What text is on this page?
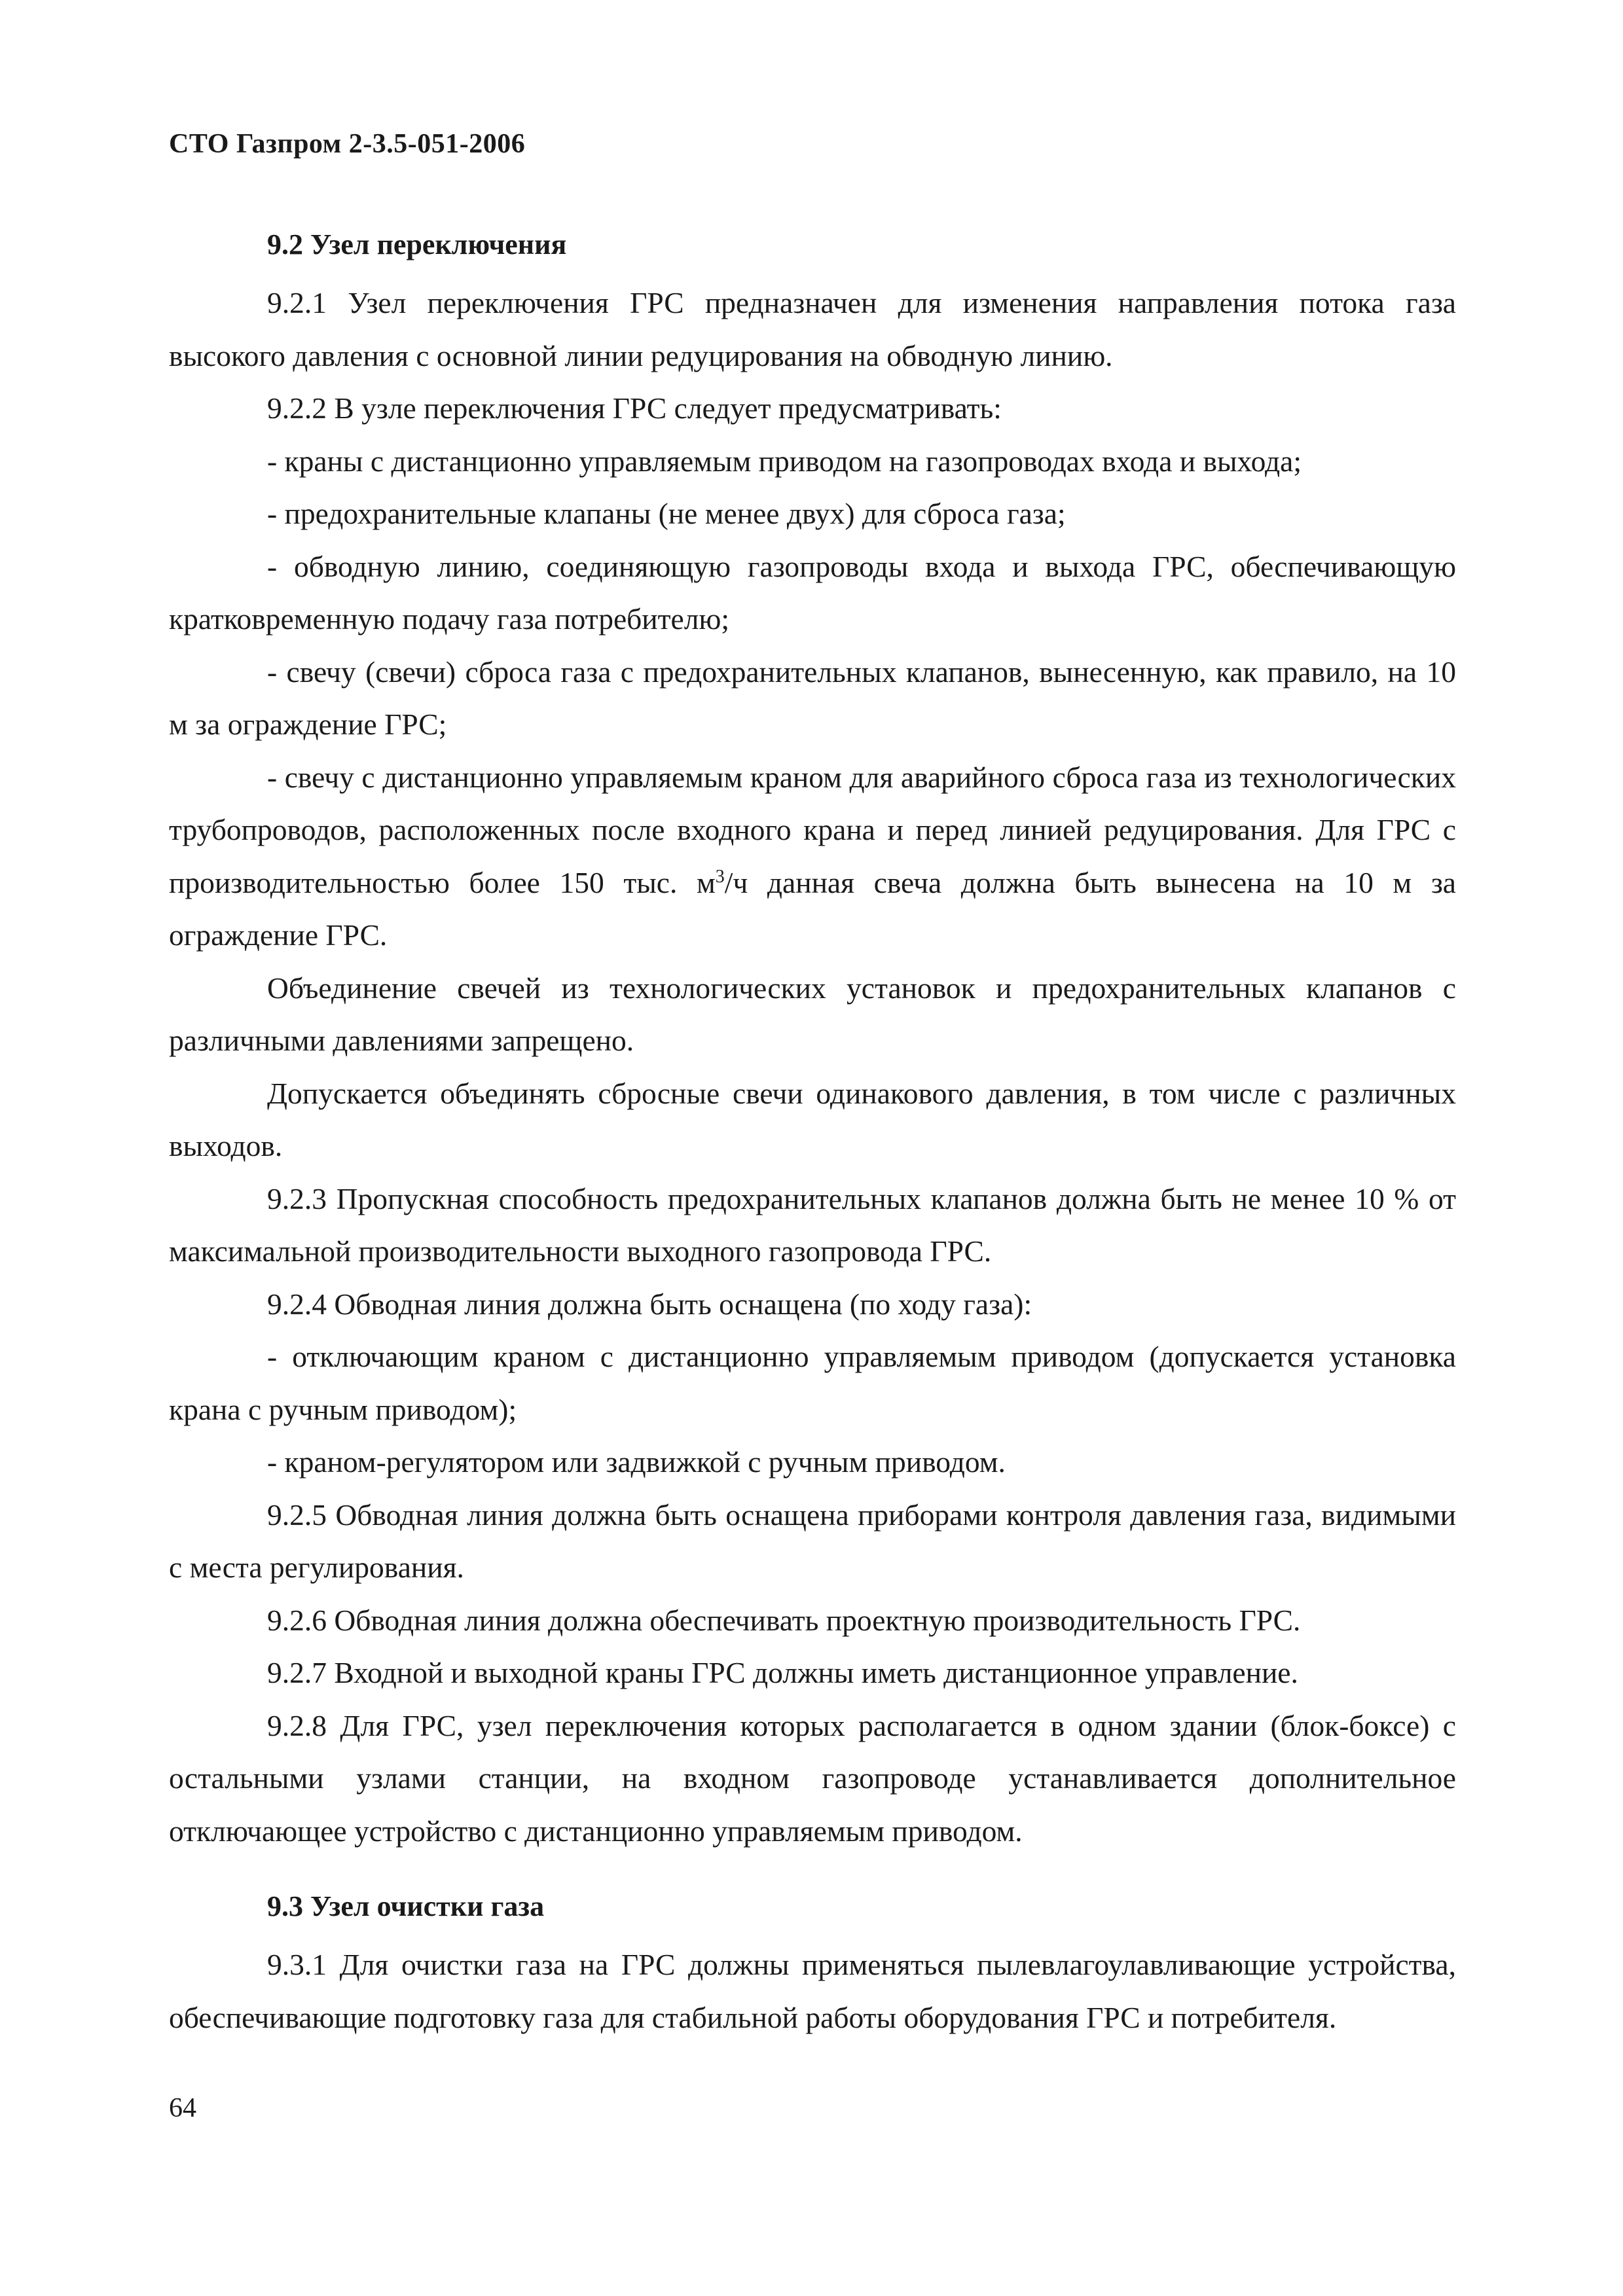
СТО Газпром 2-3.5-051-2006
9.2 Узел переключения

9.2.1 Узел переключения ГРС предназначен для изменения направления потока газа высокого давления с основной линии редуцирования на обводную линию.

9.2.2 В узле переключения ГРС следует предусматривать:

- краны с дистанционно управляемым приводом на газопроводах входа и выхода;

- предохранительные клапаны (не менее двух) для сброса газа;

- обводную линию, соединяющую газопроводы входа и выхода ГРС, обеспечивающую кратковременную подачу газа потребителю;

- свечу (свечи) сброса газа с предохранительных клапанов, вынесенную, как правило, на 10 м за ограждение ГРС;

- свечу с дистанционно управляемым краном для аварийного сброса газа из технологических трубопроводов, расположенных после входного крана и перед линией редуцирования. Для ГРС с производительностью более 150 тыс. $м^3/ч$ данная свеча должна быть вынесена на 10 м за ограждение ГРС.

Объединение свечей из технологических установок и предохранительных клапанов с различными давлениями запрещено.

Допускается объединять сбросные свечи одинакового давления, в том числе с различных выходов.

9.2.3 Пропускная способность предохранительных клапанов должна быть не менее 10 % от максимальной производительности выходного газопровода ГРС.

9.2.4 Обводная линия должна быть оснащена (по ходу газа):

- отключающим краном с дистанционно управляемым приводом (допускается установка крана с ручным приводом);

- краном-регулятором или задвижкой с ручным приводом.

9.2.5 Обводная линия должна быть оснащена приборами контроля давления газа, видимыми с места регулирования.

9.2.6 Обводная линия должна обеспечивать проектную производительность ГРС.

9.2.7 Входной и выходной краны ГРС должны иметь дистанционное управление.

9.2.8 Для ГРС, узел переключения которых располагается в одном здании (блок-боксе) с остальными узлами станции, на входном газопроводе устанавливается дополнительное отключающее устройство с дистанционно управляемым приводом.

9.3 Узел очистки газа

9.3.1 Для очистки газа на ГРС должны применяться пылевлагоулавливающие устройства, обеспечивающие подготовку газа для стабильной работы оборудования ГРС и потребителя.

64
